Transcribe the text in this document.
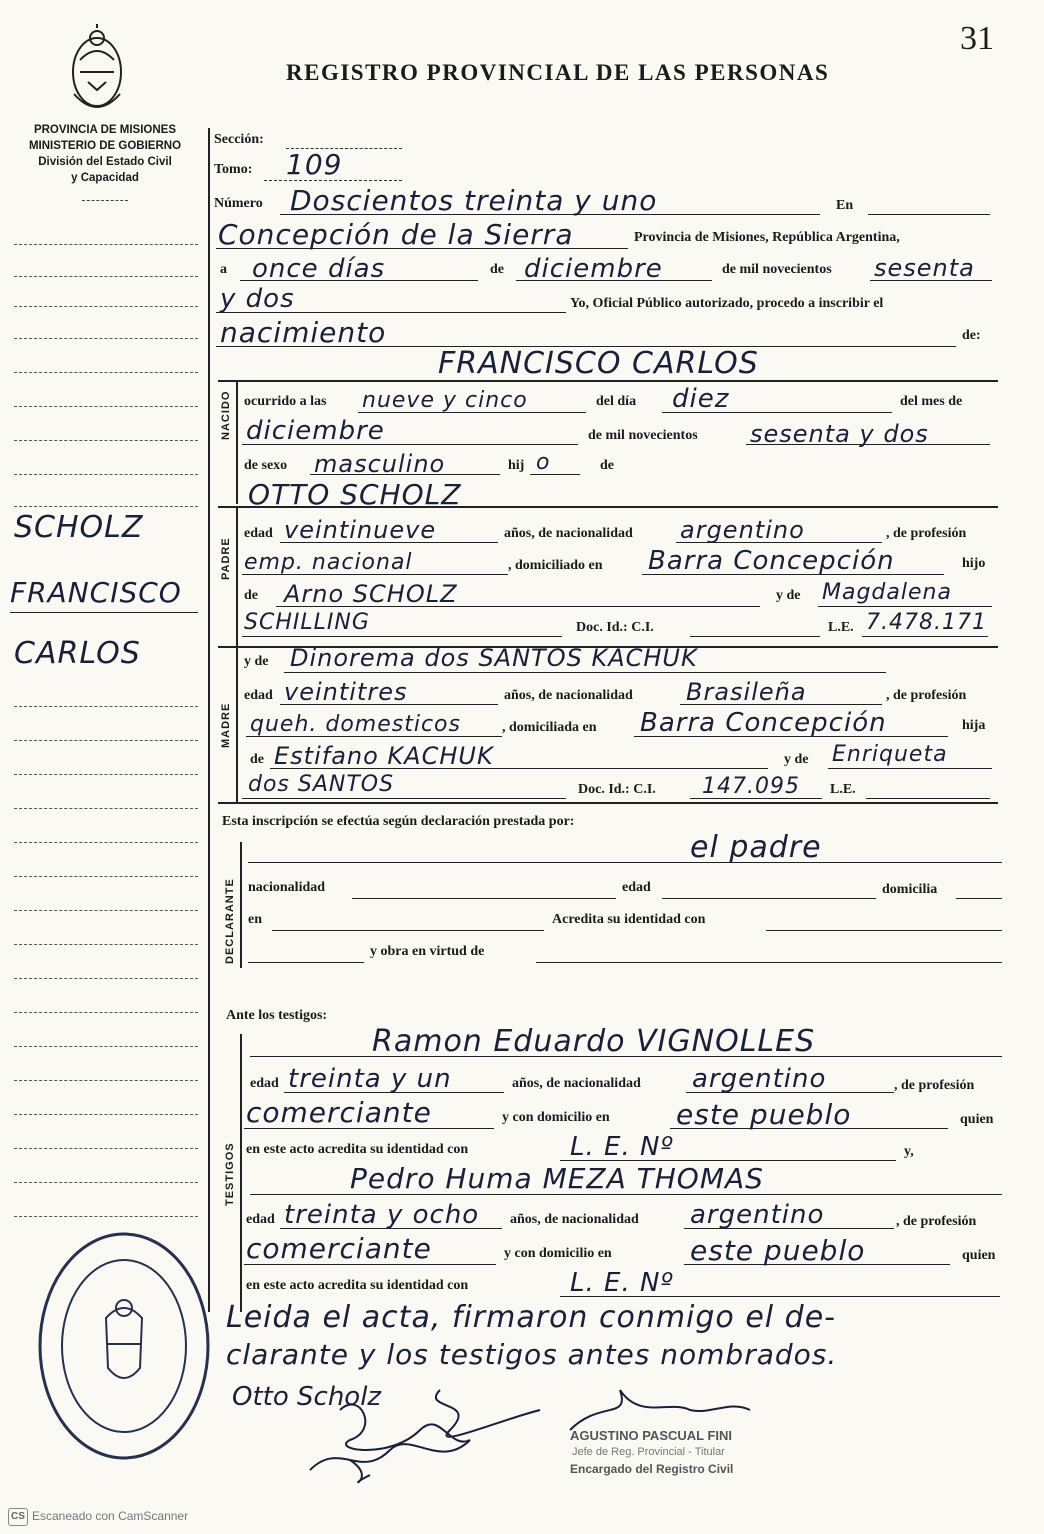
31
REGISTRO PROVINCIAL DE LAS PERSONAS
PROVINCIA DE MISIONES
MINISTERIO DE GOBIERNO
División del Estado Civil
y Capacidad
SCHOLZ
FRANCISCO
CARLOS
Sección:
Tomo: 109
Número Doscientos treinta y uno	En
Concepción de la Sierra	Provincia de Misiones, República Argentina,
a once días	de diciembre	de mil novecientos sesenta
y dos	Yo, Oficial Público autorizado, procedo a inscribir el
nacimiento	de:
FRANCISCO CARLOS
NACIDO ocurrido a las nueve y cinco	del día diez	del mes de
diciembre	de mil novecientos sesenta y dos
de sexo masculino	hij o	de
OTTO SCHOLZ
PADRE
edad veintinueve	años, de nacionalidad argentino	, de profesión
emp. nacional	, domiciliado en Barra Concepción	hijo
de Arno SCHOLZ	y de Magdalena
SCHILLING	Doc. Id.: C.I.	L.E. 7.478.171
MADRE
y de Dinorema dos SANTOS KACHUK
edad veintitres	años, de nacionalidad Brasileña	, de profesión
queh. domesticos	, domiciliada en Barra Concepción	hija
de Estifano KACHUK	y de Enriqueta
dos SANTOS	Doc. Id.: C.I. 147.095 L.E.
Esta inscripción se efectúa según declaración prestada por:
DECLARANTE
el padre
nacionalidad	edad	domicilia
en	Acredita su identidad con
y obra en virtud de
Ante los testigos:
TESTIGOS
Ramon Eduardo VIGNOLLES
edad treinta y un	años, de nacionalidad argentino	, de profesión
comerciante	y con domicilio en este pueblo	quien
en este acto acredita su identidad con	L. E. Nº	y,
Pedro Huma MEZA THOMAS
edad treinta y ocho años, de nacionalidad argentino	, de profesión
comerciante	y con domicilio en	este pueblo	quien
en este acto acredita su identidad con	L. E. Nº
Leida el acta, firmaron conmigo el de-
clarante y los testigos antes nombrados.
Otto Scholz
AGUSTINO PASCUAL FINI
Jefe de Reg. Provincial - Titular
Encargado del Registro Civil
CS Escaneado con CamScanner
